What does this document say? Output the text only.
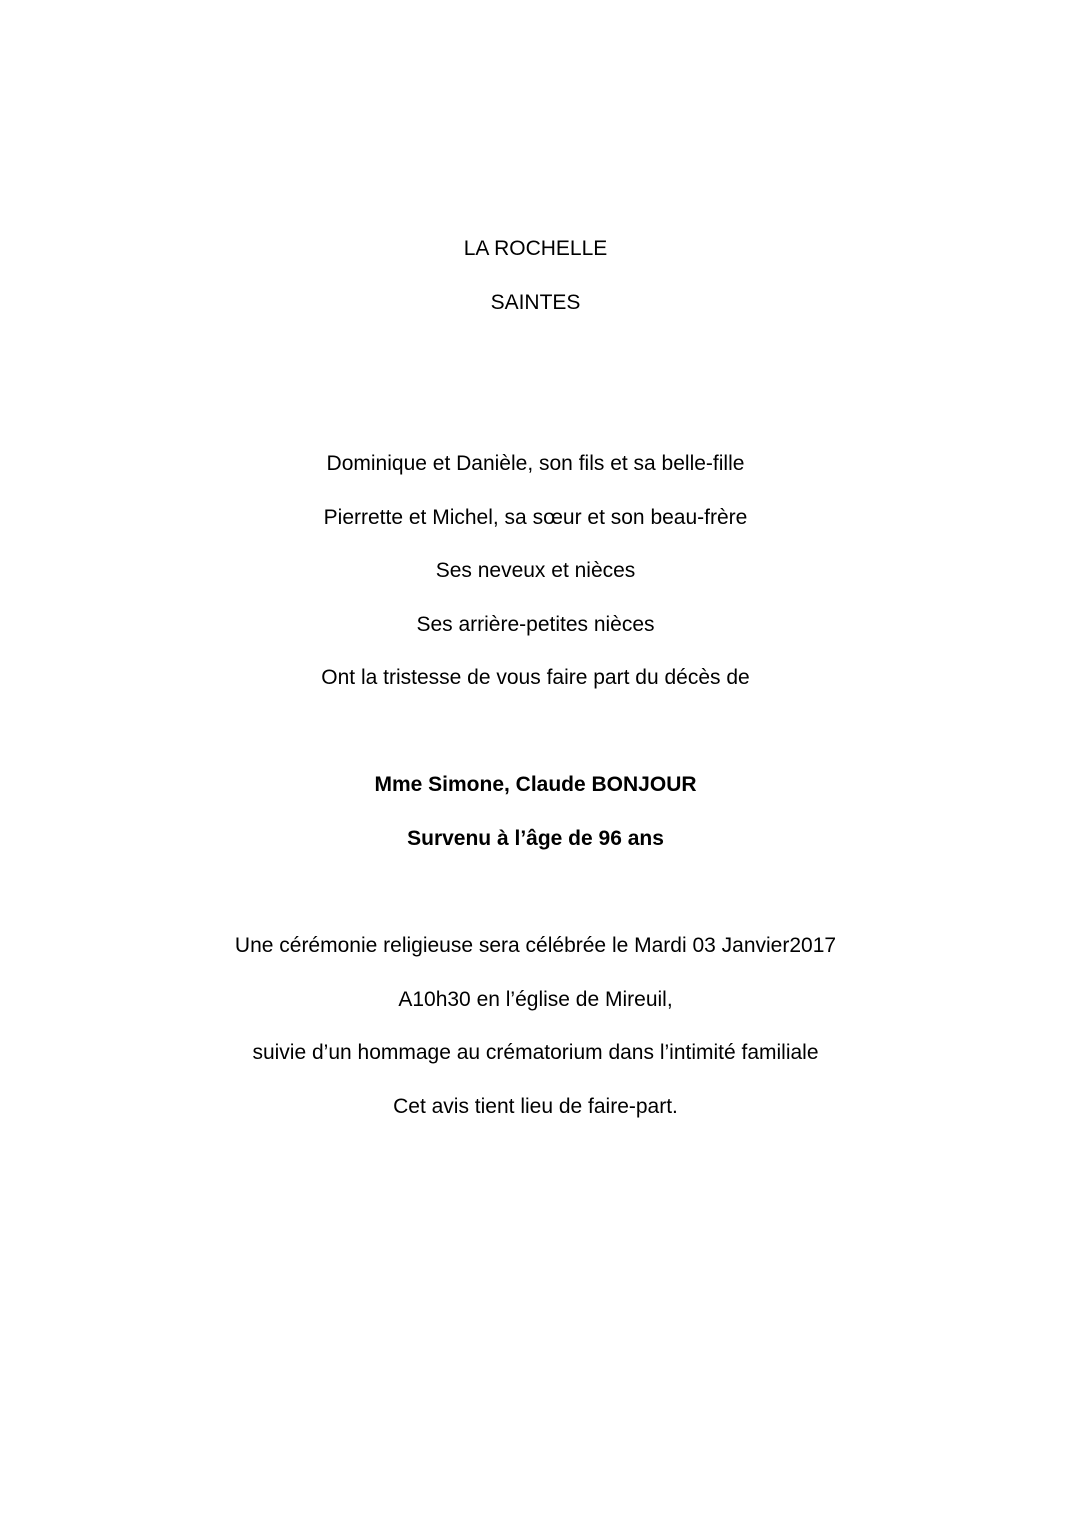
LA ROCHELLE
SAINTES
Dominique et Danièle, son fils et sa belle-fille
Pierrette et Michel, sa sœur et son beau-frère
Ses neveux et nièces
Ses arrière-petites nièces
Ont la tristesse de vous faire part du décès de
Mme Simone, Claude BONJOUR
Survenu à l’âge de 96 ans
Une cérémonie religieuse sera célébrée le Mardi 03 Janvier2017
A10h30 en l’église de Mireuil,
suivie d’un hommage au crématorium dans l’intimité familiale
Cet avis tient lieu de faire-part.
